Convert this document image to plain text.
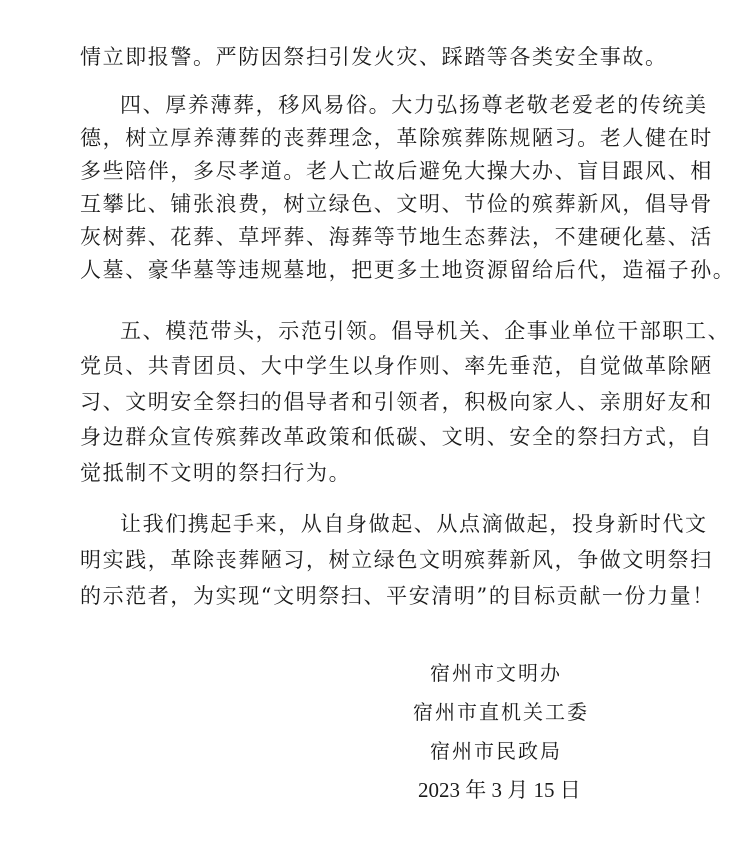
情立即报警。严防因祭扫引发火灾、踩踏等各类安全事故。
四、厚养薄葬，移风易俗。大力弘扬尊老敬老爱老的传统美
德，树立厚养薄葬的丧葬理念，革除殡葬陈规陋习。老人健在时
多些陪伴，多尽孝道。老人亡故后避免大操大办、盲目跟风、相
互攀比、铺张浪费，树立绿色、文明、节俭的殡葬新风，倡导骨
灰树葬、花葬、草坪葬、海葬等节地生态葬法，不建硬化墓、活
人墓、豪华墓等违规墓地，把更多土地资源留给后代，造福子孙。
五、模范带头，示范引领。倡导机关、企事业单位干部职工、
党员、共青团员、大中学生以身作则、率先垂范，自觉做革除陋
习、文明安全祭扫的倡导者和引领者，积极向家人、亲朋好友和
身边群众宣传殡葬改革政策和低碳、文明、安全的祭扫方式，自
觉抵制不文明的祭扫行为。
让我们携起手来，从自身做起、从点滴做起，投身新时代文
明实践，革除丧葬陋习，树立绿色文明殡葬新风，争做文明祭扫
的示范者，为实现“文明祭扫、平安清明”的目标贡献一份力量！
宿州市文明办
宿州市直机关工委
宿州市民政局
2023 年 3 月 15 日
